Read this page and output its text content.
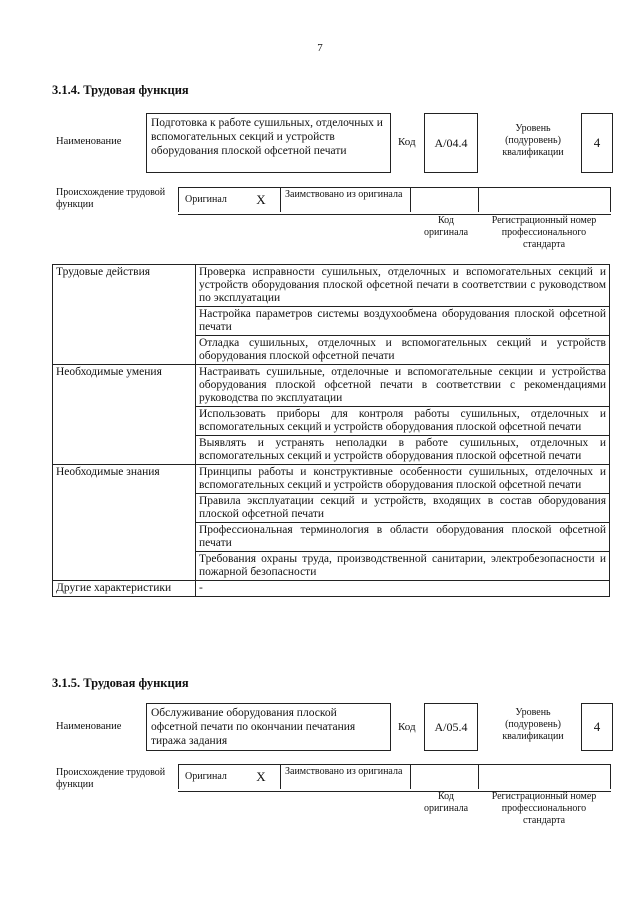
7
3.1.4. Трудовая функция
Наименование
Подготовка к работе сушильных, отделочных и вспомогательных секций и устройств оборудования плоской офсетной печати
Код	А/04.4
Уровень (подуровень) квалификации
4
Происхождение трудовой функции	Оригинал	X	Заимствовано из оригинала
Код оригинала
Регистрационный номер профессионального стандарта
Трудовые действия	Проверка исправности сушильных, отделочных и вспомогательных секций и устройств оборудования плоской офсетной печати в соответствии с руководством по эксплуатации
	Настройка параметров системы воздухообмена оборудования плоской офсетной печати
	Отладка сушильных, отделочных и вспомогательных секций и устройств оборудования плоской офсетной печати
Необходимые умения	Настраивать сушильные, отделочные и вспомогательные секции и устройства оборудования плоской офсетной печати в соответствии с рекомендациями руководства по эксплуатации
	Использовать приборы для контроля работы сушильных, отделочных и вспомогательных секций и устройств оборудования плоской офсетной печати
	Выявлять и устранять неполадки в работе сушильных, отделочных и вспомогательных секций и устройств оборудования плоской офсетной печати
Необходимые знания	Принципы работы и конструктивные особенности сушильных, отделочных и вспомогательных секций и устройств оборудования плоской офсетной печати
	Правила эксплуатации секций и устройств, входящих в состав оборудования плоской офсетной печати
	Профессиональная терминология в области оборудования плоской офсетной печати
	Требования охраны труда, производственной санитарии, электробезопасности и пожарной безопасности
Другие характеристики	-
3.1.5. Трудовая функция
Наименование
Обслуживание оборудования плоской офсетной печати по окончании печатания тиража задания
Код	А/05.4
Уровень (подуровень) квалификации
4
Происхождение трудовой функции
Оригинал	X	Заимствовано из оригинала
Код оригинала
Регистрационный номер профессионального стандарта
